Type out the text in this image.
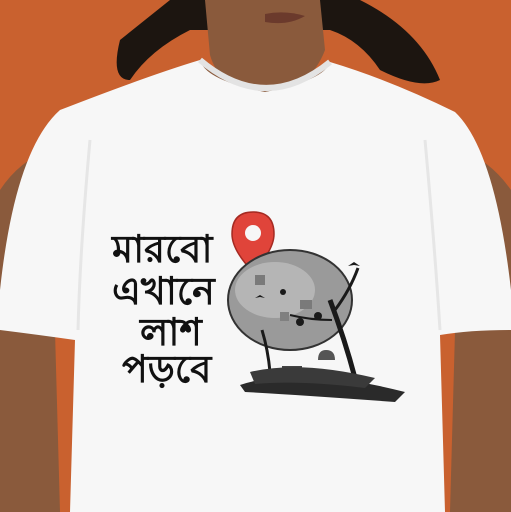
মারবো
এখানে
লাশ
পড়বে
